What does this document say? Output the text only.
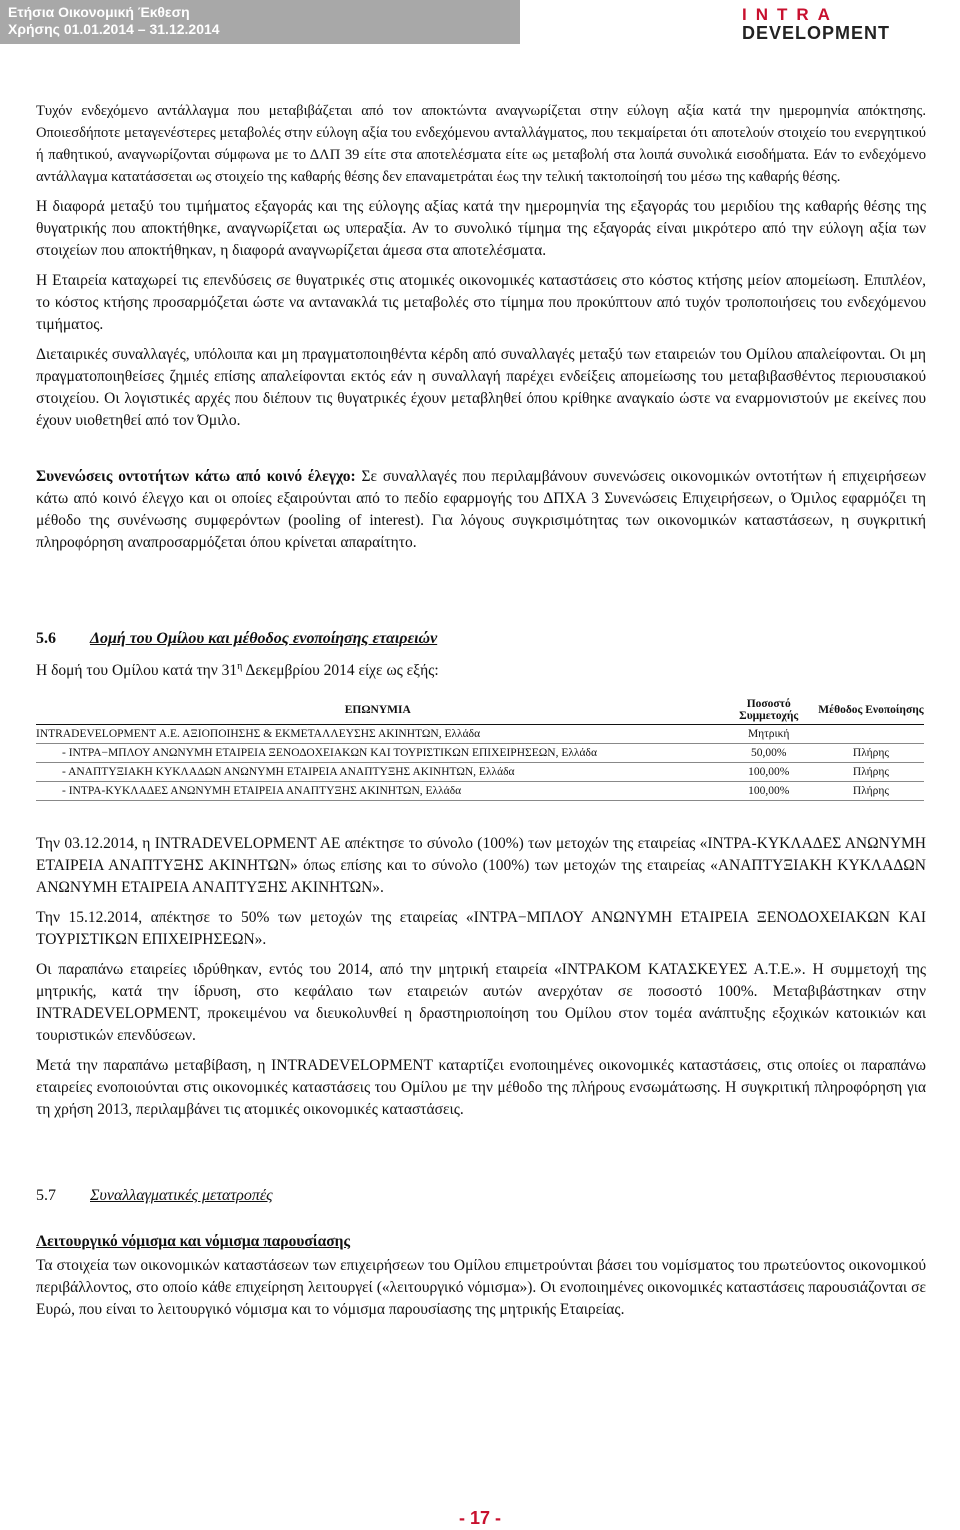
Ετήσια Οικονομική Έκθεση
Χρήσης 01.01.2014 – 31.12.2014
INTRA
DEVELOPMENT

Τυχόν ενδεχόμενο αντάλλαγμα που μεταβιβάζεται από τον αποκτώντα αναγνωρίζεται στην εύλογη αξία κατά την ημερομηνία απόκτησης. Οποιεσδήποτε μεταγενέστερες μεταβολές στην εύλογη αξία του ενδεχόμενου ανταλλάγματος, που τεκμαίρεται ότι αποτελούν στοιχείο του ενεργητικού ή παθητικού, αναγνωρίζονται σύμφωνα με το ΔΛΠ 39 είτε στα αποτελέσματα είτε ως μεταβολή στα λοιπά συνολικά εισοδήματα. Εάν το ενδεχόμενο αντάλλαγμα κατατάσσεται ως στοιχείο της καθαρής θέσης δεν επαναμετράται έως την τελική τακτοποίησή του μέσω της καθαρής θέσης.

Η διαφορά μεταξύ του τιμήματος εξαγοράς και της εύλογης αξίας κατά την ημερομηνία της εξαγοράς του μεριδίου της καθαρής θέσης της θυγατρικής που αποκτήθηκε, αναγνωρίζεται ως υπεραξία. Αν το συνολικό τίμημα της εξαγοράς είναι μικρότερο από την εύλογη αξία των στοιχείων που αποκτήθηκαν, η διαφορά αναγνωρίζεται άμεσα στα αποτελέσματα.

Η Εταιρεία καταχωρεί τις επενδύσεις σε θυγατρικές στις ατομικές οικονομικές καταστάσεις στο κόστος κτήσης μείον απομείωση. Επιπλέον, το κόστος κτήσης προσαρμόζεται ώστε να αντανακλά τις μεταβολές στο τίμημα που προκύπτουν από τυχόν τροποποιήσεις του ενδεχόμενου τιμήματος.

Διεταιρικές συναλλαγές, υπόλοιπα και μη πραγματοποιηθέντα κέρδη από συναλλαγές μεταξύ των εταιρειών του Ομίλου απαλείφονται. Οι μη πραγματοποιηθείσες ζημιές επίσης απαλείφονται εκτός εάν η συναλλαγή παρέχει ενδείξεις απομείωσης του μεταβιβασθέντος περιουσιακού στοιχείου. Οι λογιστικές αρχές που διέπουν τις θυγατρικές έχουν μεταβληθεί όπου κρίθηκε αναγκαίο ώστε να εναρμονιστούν με εκείνες που έχουν υιοθετηθεί από τον Όμιλο.

Συνενώσεις οντοτήτων κάτω από κοινό έλεγχο: Σε συναλλαγές που περιλαμβάνουν συνενώσεις οικονομικών οντοτήτων ή επιχειρήσεων κάτω από κοινό έλεγχο και οι οποίες εξαιρούνται από το πεδίο εφαρμογής του ΔΠΧΑ 3 Συνενώσεις Επιχειρήσεων, ο Όμιλος εφαρμόζει τη μέθοδο της συνένωσης συμφερόντων (pooling of interest). Για λόγους συγκρισιμότητας των οικονομικών καταστάσεων, η συγκριτική πληροφόρηση αναπροσαρμόζεται όπου κρίνεται απαραίτητο.

5.6 Δομή του Ομίλου και μέθοδος ενοποίησης εταιρειών

Η δομή του Ομίλου κατά την $31^\eta$ Δεκεμβρίου 2014 είχε ως εξής:

ΕΠΩΝΥΜΙΑ	Ποσοστό Συμμετοχής	Μέθοδος Ενοποίησης
INTRADEVELOPMENT Α.Ε. ΑΞΙΟΠΟΙΗΣΗΣ & ΕΚΜΕΤΑΛΛΕΥΣΗΣ ΑΚΙΝΗΤΩΝ, Ελλάδα	Μητρική	
- ΙΝΤΡΑ−ΜΠΛΟΥ ΑΝΩΝΥΜΗ ΕΤΑΙΡΕΙΑ ΞΕΝΟΔΟΧΕΙΑΚΩΝ ΚΑΙ ΤΟΥΡΙΣΤΙΚΩΝ ΕΠΙΧΕΙΡΗΣΕΩΝ, Ελλάδα	50,00%	Πλήρης
- ΑΝΑΠΤΥΞΙΑΚΗ ΚΥΚΛΑΔΩΝ ΑΝΩΝΥΜΗ ΕΤΑΙΡΕΙΑ ΑΝΑΠΤΥΞΗΣ ΑΚΙΝΗΤΩΝ, Ελλάδα	100,00%	Πλήρης
- ΙΝΤΡΑ-ΚΥΚΛΑΔΕΣ ΑΝΩΝΥΜΗ ΕΤΑΙΡΕΙΑ ΑΝΑΠΤΥΞΗΣ ΑΚΙΝΗΤΩΝ, Ελλάδα	100,00%	Πλήρης

Την 03.12.2014, η INTRADEVELOPMENT AE απέκτησε το σύνολο (100%) των μετοχών της εταιρείας «ΙΝΤΡΑ-ΚΥΚΛΑΔΕΣ ΑΝΩΝΥΜΗ ΕΤΑΙΡΕΙΑ ΑΝΑΠΤΥΞΗΣ ΑΚΙΝΗΤΩΝ» όπως επίσης και το σύνολο (100%) των μετοχών της εταιρείας «ΑΝΑΠΤΥΞΙΑΚΗ ΚΥΚΛΑΔΩΝ ΑΝΩΝΥΜΗ ΕΤΑΙΡΕΙΑ ΑΝΑΠΤΥΞΗΣ ΑΚΙΝΗΤΩΝ».

Την 15.12.2014, απέκτησε το 50% των μετοχών της εταιρείας «ΙΝΤΡΑ−ΜΠΛΟΥ ΑΝΩΝΥΜΗ ΕΤΑΙΡΕΙΑ ΞΕΝΟΔΟΧΕΙΑΚΩΝ ΚΑΙ ΤΟΥΡΙΣΤΙΚΩΝ ΕΠΙΧΕΙΡΗΣΕΩΝ».

Οι παραπάνω εταιρείες ιδρύθηκαν, εντός του 2014, από την μητρική εταιρεία «ΙΝΤΡΑΚΟΜ ΚΑΤΑΣΚΕΥΕΣ Α.Τ.Ε.». Η συμμετοχή της μητρικής, κατά την ίδρυση, στο κεφάλαιο των εταιρειών αυτών ανερχόταν σε ποσοστό 100%. Μεταβιβάστηκαν στην INTRADEVELOPMENT, προκειμένου να διευκολυνθεί η δραστηριοποίηση του Ομίλου στον τομέα ανάπτυξης εξοχικών κατοικιών και τουριστικών επενδύσεων.

Μετά την παραπάνω μεταβίβαση, η INTRADEVELOPMENT καταρτίζει ενοποιημένες οικονομικές καταστάσεις, στις οποίες οι παραπάνω εταιρείες ενοποιούνται στις οικονομικές καταστάσεις του Ομίλου με την μέθοδο της πλήρους ενσωμάτωσης. Η συγκριτική πληροφόρηση για τη χρήση 2013, περιλαμβάνει τις ατομικές οικονομικές καταστάσεις.

5.7 Συναλλαγματικές μετατροπές
Λειτουργικό νόμισμα και νόμισμα παρουσίασης

Τα στοιχεία των οικονομικών καταστάσεων των επιχειρήσεων του Ομίλου επιμετρούνται βάσει του νομίσματος του πρωτεύοντος οικονομικού περιβάλλοντος, στο οποίο κάθε επιχείρηση λειτουργεί («λειτουργικό νόμισμα»). Οι ενοποιημένες οικονομικές καταστάσεις παρουσιάζονται σε Ευρώ, που είναι το λειτουργικό νόμισμα και το νόμισμα παρουσίασης της μητρικής Εταιρείας.

- 17 -
